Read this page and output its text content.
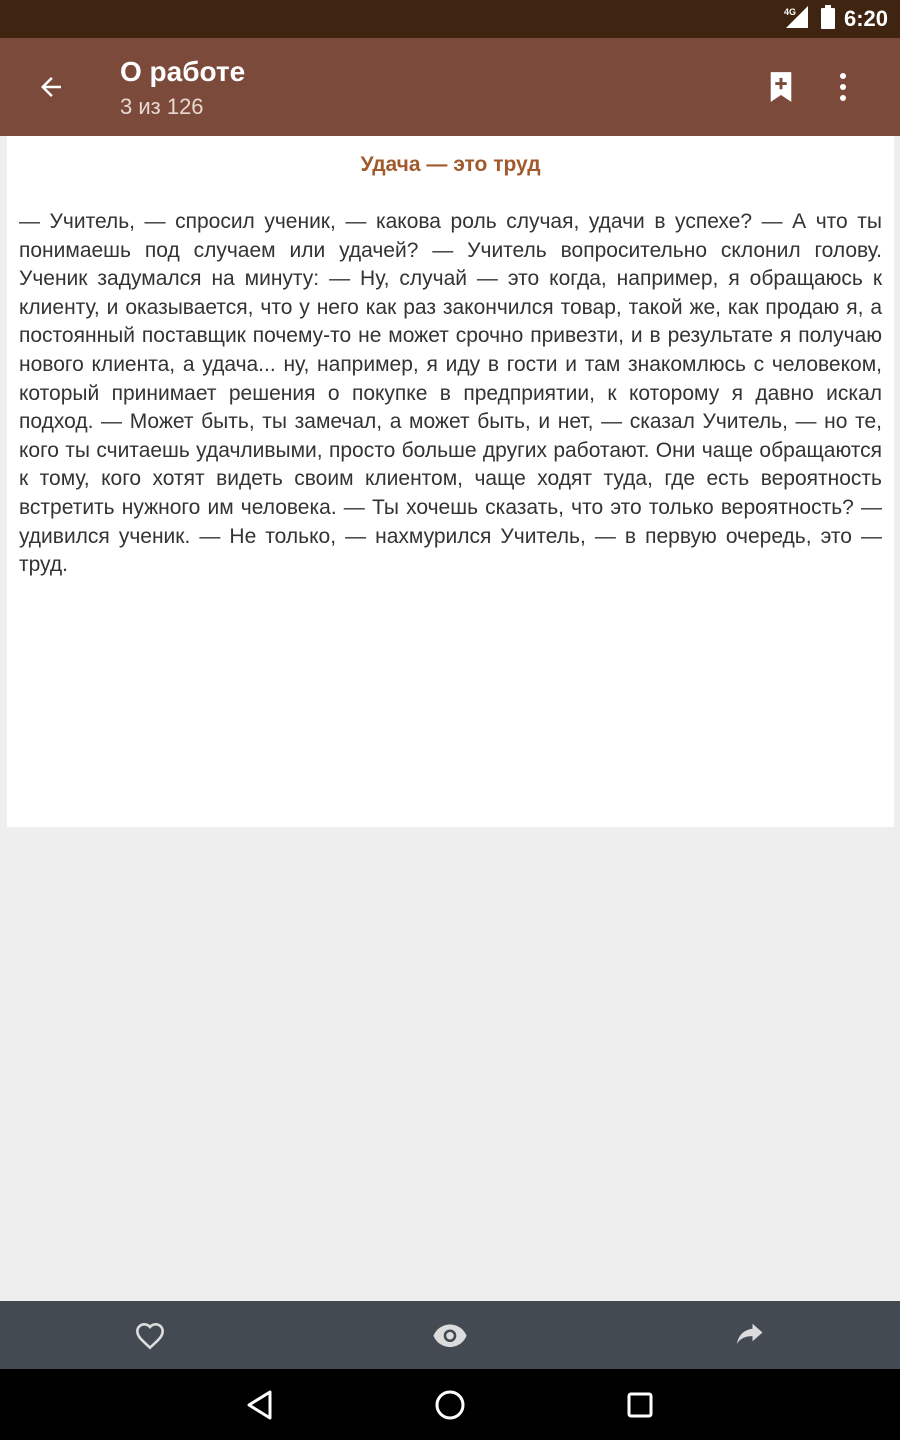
4G 6:20
О работе
3 из 126
Удача — это труд
— Учитель, — спросил ученик, — какова роль случая, удачи в успехе? — А что ты понимаешь под случаем или удачей? — Учитель вопросительно склонил голову. Ученик задумался на минуту: — Ну, случай — это когда, например, я обращаюсь к клиенту, и оказывается, что у него как раз закончился товар, такой же, как продаю я, а постоянный поставщик почему-то не может срочно привезти, и в результате я получаю нового клиента, а удача... ну, например, я иду в гости и там знакомлюсь с человеком, который принимает решения о покупке в предприятии, к которому я давно искал подход. — Может быть, ты замечал, а может быть, и нет, — сказал Учитель, — но те, кого ты считаешь удачливыми, просто больше других работают. Они чаще обращаются к тому, кого хотят видеть своим клиентом, чаще ходят туда, где есть вероятность встретить нужного им человека. — Ты хочешь сказать, что это только вероятность? — удивился ученик. — Не только, — нахмурился Учитель, — в первую очередь, это — труд.
